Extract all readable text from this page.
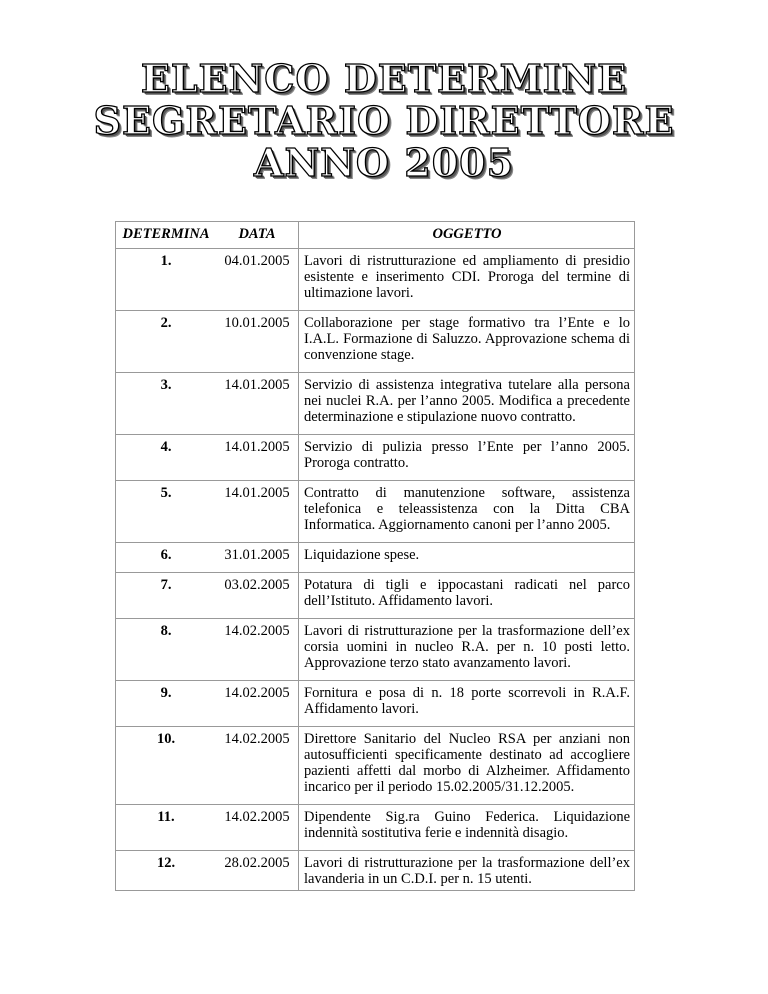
ELENCO DETERMINE
SEGRETARIO DIRETTORE
ANNO 2005
DETERMINA	DATA	OGGETTO
1.	04.01.2005	Lavori di ristrutturazione ed ampliamento di presidio esistente e inserimento CDI. Proroga del termine di ultimazione lavori.
2.	10.01.2005	Collaborazione per stage formativo tra l’Ente e lo I.A.L. Formazione di Saluzzo. Approvazione schema di convenzione stage.
3.	14.01.2005	Servizio di assistenza integrativa tutelare alla persona nei nuclei R.A. per l’anno 2005. Modifica a precedente determinazione e stipulazione nuovo contratto.
4.	14.01.2005	Servizio di pulizia presso l’Ente per l’anno 2005. Proroga contratto.
5.	14.01.2005	Contratto di manutenzione software, assistenza telefonica e teleassistenza con la Ditta CBA Informatica. Aggiornamento canoni per l’anno 2005.
6.	31.01.2005	Liquidazione spese.
7.	03.02.2005	Potatura di tigli e ippocastani radicati nel parco dell’Istituto. Affidamento lavori.
8.	14.02.2005	Lavori di ristrutturazione per la trasformazione dell’ex corsia uomini in nucleo R.A. per n. 10 posti letto. Approvazione terzo stato avanzamento lavori.
9.	14.02.2005	Fornitura e posa di n. 18 porte scorrevoli in R.A.F. Affidamento lavori.
10.	14.02.2005	Direttore Sanitario del Nucleo RSA per anziani non autosufficienti specificamente destinato ad accogliere pazienti affetti dal morbo di Alzheimer. Affidamento incarico per il periodo 15.02.2005/31.12.2005.
11.	14.02.2005	Dipendente Sig.ra Guino Federica. Liquidazione indennità sostitutiva ferie e indennità disagio.
12.	28.02.2005	Lavori di ristrutturazione per la trasformazione dell’ex lavanderia in un C.D.I. per n. 15 utenti.
